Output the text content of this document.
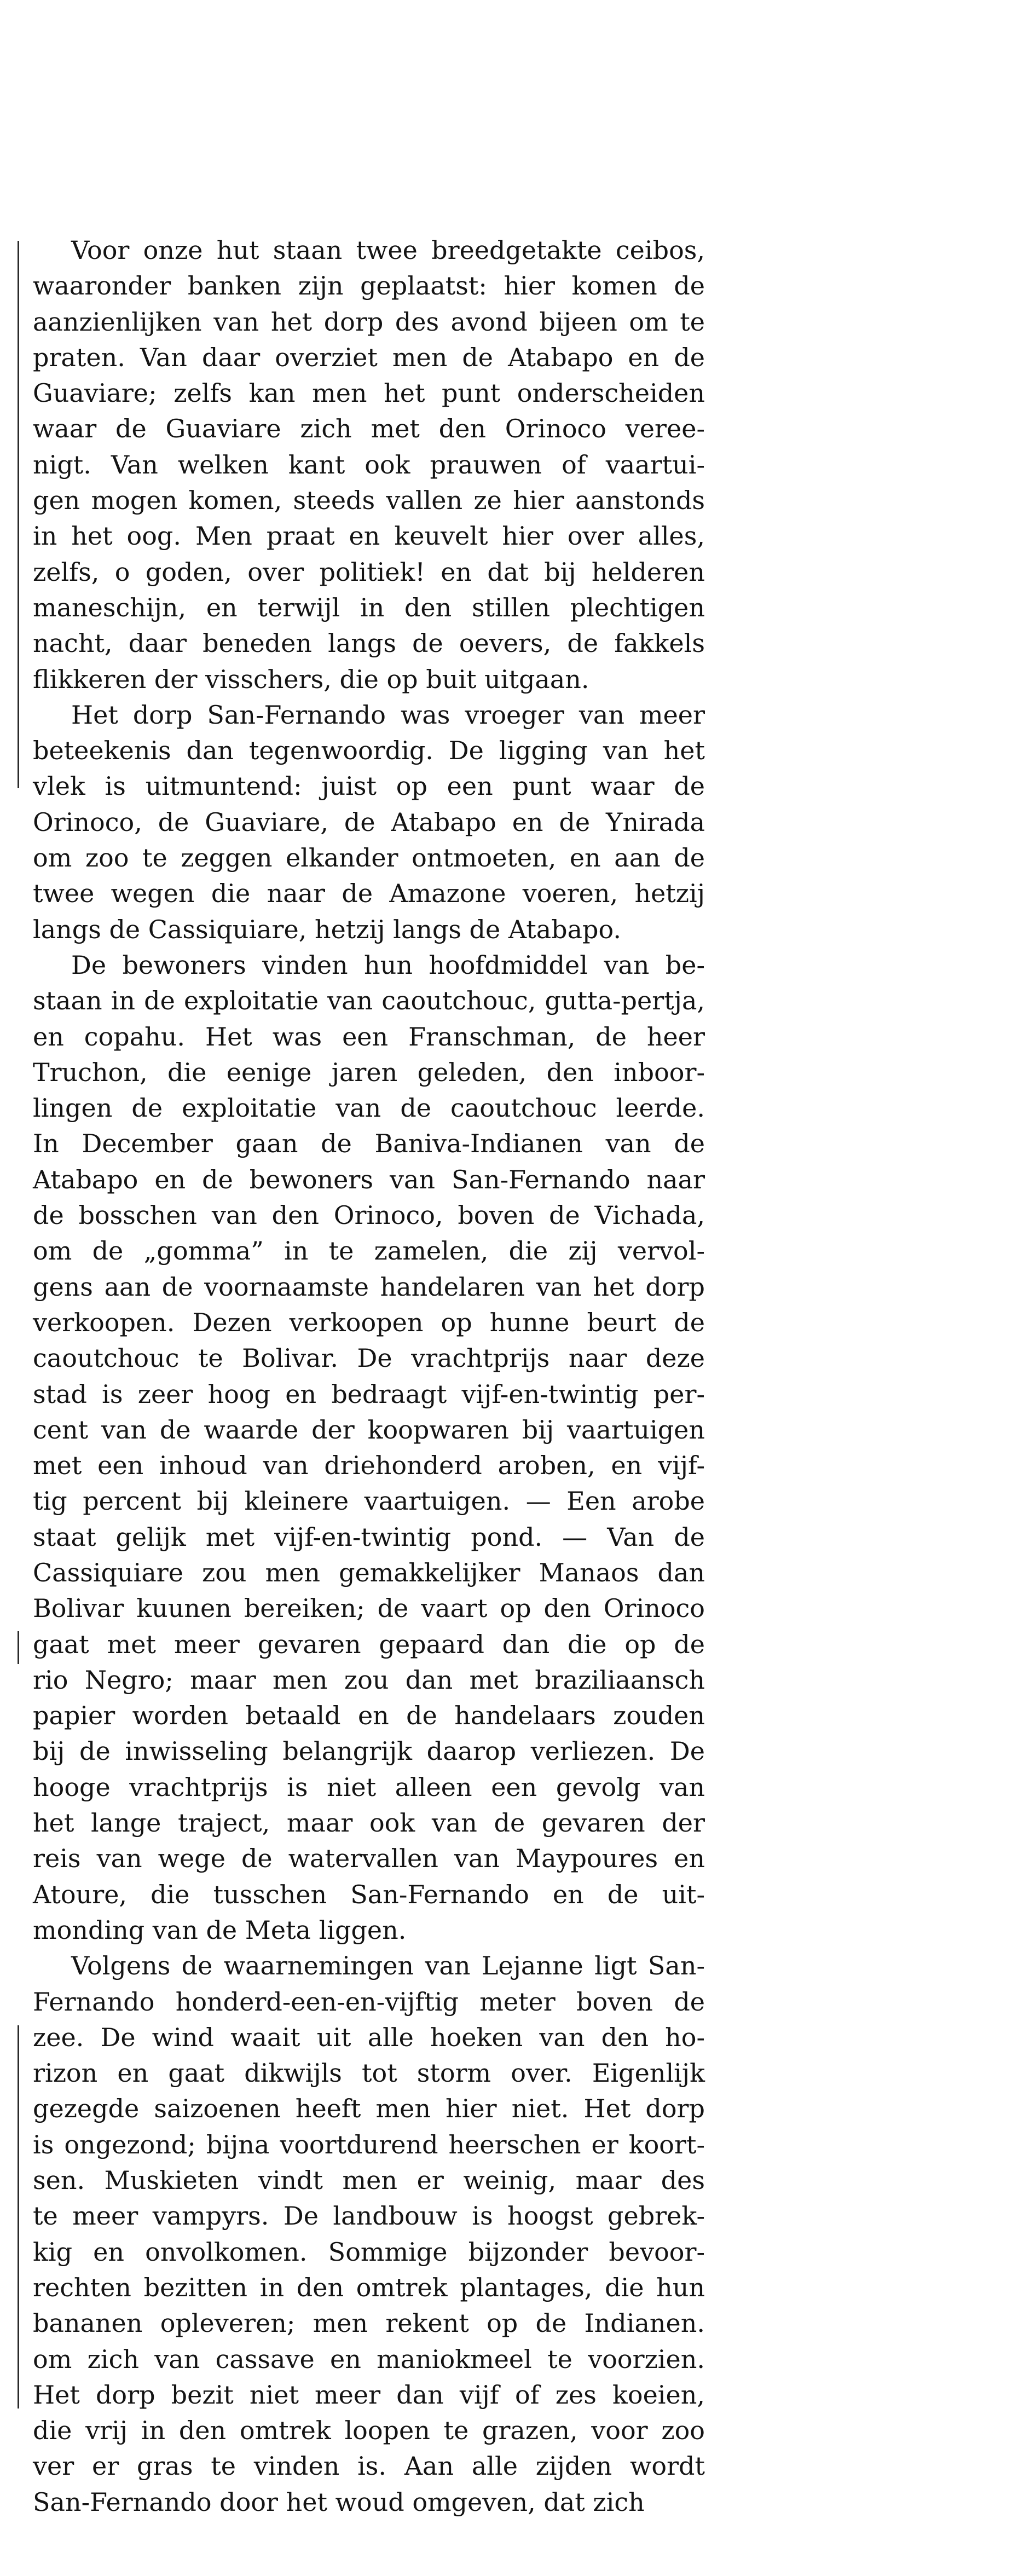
Voor onze hut staan twee breedgetakte ceibos,
waaronder banken zijn geplaatst: hier komen de
aanzienlijken van het dorp des avond bijeen om te
praten. Van daar overziet men de Atabapo en de
Guaviare; zelfs kan men het punt onderscheiden
waar de Guaviare zich met den Orinoco veree-
nigt. Van welken kant ook prauwen of vaartui-
gen mogen komen, steeds vallen ze hier aanstonds
in het oog. Men praat en keuvelt hier over alles,
zelfs, o goden, over politiek! en dat bij helderen
maneschijn, en terwijl in den stillen plechtigen
nacht, daar beneden langs de oevers, de fakkels
flikkeren der visschers, die op buit uitgaan.
Het dorp San-Fernando was vroeger van meer
beteekenis dan tegenwoordig. De ligging van het
vlek is uitmuntend: juist op een punt waar de
Orinoco, de Guaviare, de Atabapo en de Ynirada
om zoo te zeggen elkander ontmoeten, en aan de
twee wegen die naar de Amazone voeren, hetzij
langs de Cassiquiare, hetzij langs de Atabapo.
De bewoners vinden hun hoofdmiddel van be-
staan in de exploitatie van caoutchouc, gutta-pertja,
en copahu. Het was een Franschman, de heer
Truchon, die eenige jaren geleden, den inboor-
lingen de exploitatie van de caoutchouc leerde.
In December gaan de Baniva-Indianen van de
Atabapo en de bewoners van San-Fernando naar
de bosschen van den Orinoco, boven de Vichada,
om de „gomma” in te zamelen, die zij vervol-
gens aan de voornaamste handelaren van het dorp
verkoopen. Dezen verkoopen op hunne beurt de
caoutchouc te Bolivar. De vrachtprijs naar deze
stad is zeer hoog en bedraagt vijf-en-twintig per-
cent van de waarde der koopwaren bij vaartuigen
met een inhoud van driehonderd aroben, en vijf-
tig percent bij kleinere vaartuigen. — Een arobe
staat gelijk met vijf-en-twintig pond. — Van de
Cassiquiare zou men gemakkelijker Manaos dan
Bolivar kuunen bereiken; de vaart op den Orinoco
gaat met meer gevaren gepaard dan die op de
rio Negro; maar men zou dan met braziliaansch
papier worden betaald en de handelaars zouden
bij de inwisseling belangrijk daarop verliezen. De
hooge vrachtprijs is niet alleen een gevolg van
het lange traject, maar ook van de gevaren der
reis van wege de watervallen van Maypoures en
Atoure, die tusschen San-Fernando en de uit-
monding van de Meta liggen.
Volgens de waarnemingen van Lejanne ligt San-
Fernando honderd-een-en-vijftig meter boven de
zee. De wind waait uit alle hoeken van den ho-
rizon en gaat dikwijls tot storm over. Eigenlijk
gezegde saizoenen heeft men hier niet. Het dorp
is ongezond; bijna voortdurend heerschen er koort-
sen. Muskieten vindt men er weinig, maar des
te meer vampyrs. De landbouw is hoogst gebrek-
kig en onvolkomen. Sommige bijzonder bevoor-
rechten bezitten in den omtrek plantages, die hun
bananen opleveren; men rekent op de Indianen.
om zich van cassave en maniokmeel te voorzien.
Het dorp bezit niet meer dan vijf of zes koeien,
die vrij in den omtrek loopen te grazen, voor zoo
ver er gras te vinden is. Aan alle zijden wordt
San-Fernando door het woud omgeven, dat zich
